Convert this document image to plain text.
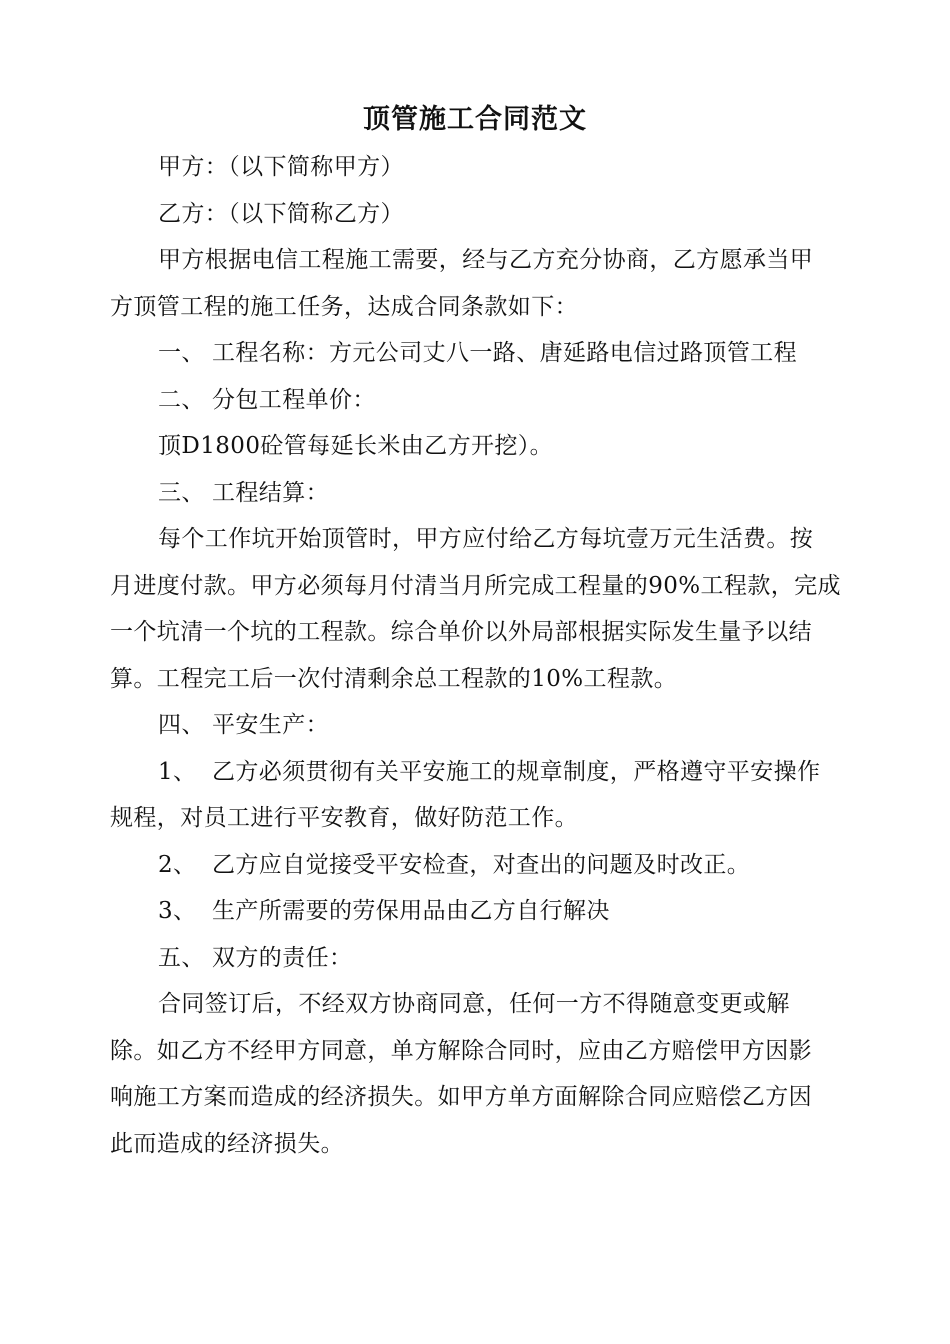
顶管施工合同范文

甲方：（以下简称甲方）

乙方：（以下简称乙方）

甲方根据电信工程施工需要，经与乙方充分协商，乙方愿承当甲
方顶管工程的施工任务，达成合同条款如下：

一、 工程名称：方元公司丈八一路、唐延路电信过路顶管工程

二、 分包工程单价：

顶D1800砼管每延长米由乙方开挖）。

三、 工程结算：

每个工作坑开始顶管时，甲方应付给乙方每坑壹万元生活费。按
月进度付款。甲方必须每月付清当月所完成工程量的90%工程款，完成
一个坑清一个坑的工程款。综合单价以外局部根据实际发生量予以结
算。工程完工后一次付清剩余总工程款的10%工程款。

四、 平安生产：

1、 乙方必须贯彻有关平安施工的规章制度，严格遵守平安操作
规程，对员工进行平安教育，做好防范工作。

2、 乙方应自觉接受平安检查，对查出的问题及时改正。

3、 生产所需要的劳保用品由乙方自行解决

五、 双方的责任：

合同签订后，不经双方协商同意，任何一方不得随意变更或解
除。如乙方不经甲方同意，单方解除合同时，应由乙方赔偿甲方因影
响施工方案而造成的经济损失。如甲方单方面解除合同应赔偿乙方因
此而造成的经济损失。
